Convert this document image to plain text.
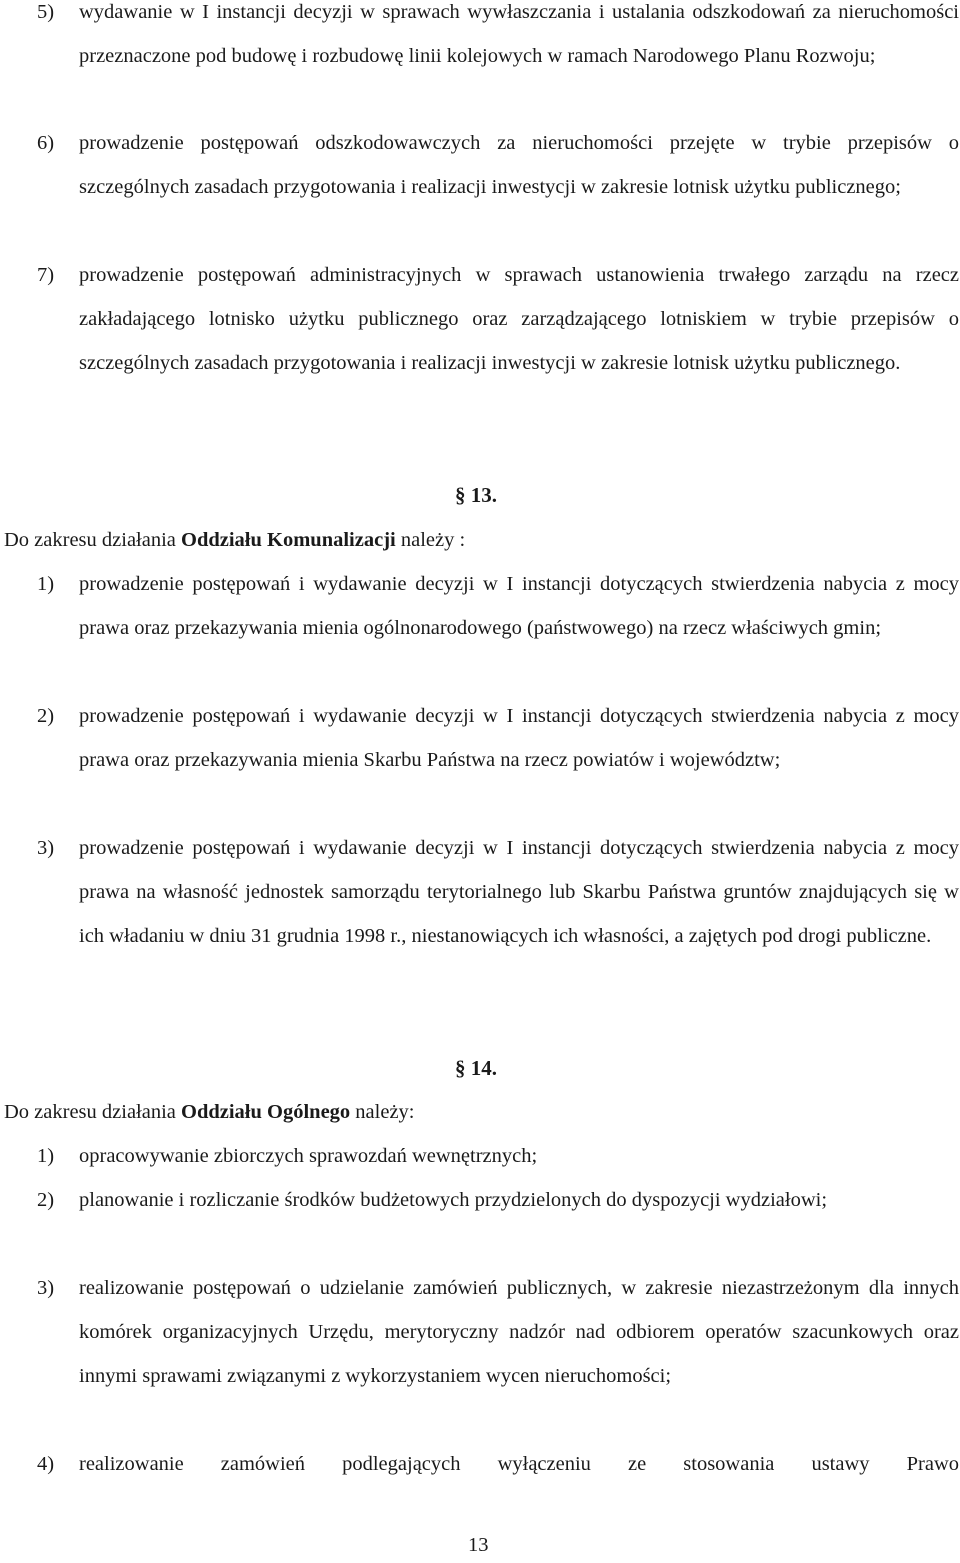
5) wydawanie w I instancji decyzji w sprawach wywłaszczania i ustalania odszkodowań za nieruchomości przeznaczone pod budowę i rozbudowę linii kolejowych w ramach Narodowego Planu Rozwoju;

6) prowadzenie postępowań odszkodowawczych za nieruchomości przejęte w trybie przepisów o szczególnych zasadach przygotowania i realizacji inwestycji w zakresie lotnisk użytku publicznego;

7) prowadzenie postępowań administracyjnych w sprawach ustanowienia trwałego zarządu na rzecz zakładającego lotnisko użytku publicznego oraz zarządzającego lotniskiem w trybie przepisów o szczególnych zasadach przygotowania i realizacji inwestycji w zakresie lotnisk użytku publicznego.

§ 13.
Do zakresu działania Oddziału Komunalizacji należy :
1) prowadzenie postępowań i wydawanie decyzji w I instancji dotyczących stwierdzenia nabycia z mocy prawa oraz przekazywania mienia ogólnonarodowego (państwowego) na rzecz właściwych gmin;

2) prowadzenie postępowań i wydawanie decyzji w I instancji dotyczących stwierdzenia nabycia z mocy prawa oraz przekazywania mienia Skarbu Państwa na rzecz powiatów i województw;

3) prowadzenie postępowań i wydawanie decyzji w I instancji dotyczących stwierdzenia nabycia z mocy prawa na własność jednostek samorządu terytorialnego lub Skarbu Państwa gruntów znajdujących się w ich władaniu w dniu 31 grudnia 1998 r., niestanowiących ich własności, a zajętych pod drogi publiczne.

§ 14.
Do zakresu działania Oddziału Ogólnego należy:
1) opracowywanie zbiorczych sprawozdań wewnętrznych;

2) planowanie i rozliczanie środków budżetowych przydzielonych do dyspozycji wydziałowi;

3) realizowanie postępowań o udzielanie zamówień publicznych, w zakresie niezastrzeżonym dla innych komórek organizacyjnych Urzędu, merytoryczny nadzór nad odbiorem operatów szacunkowych oraz innymi sprawami związanymi z wykorzystaniem wycen nieruchomości;

4) realizowanie zamówień podlegających wyłączeniu ze stosowania ustawy Prawo

13
